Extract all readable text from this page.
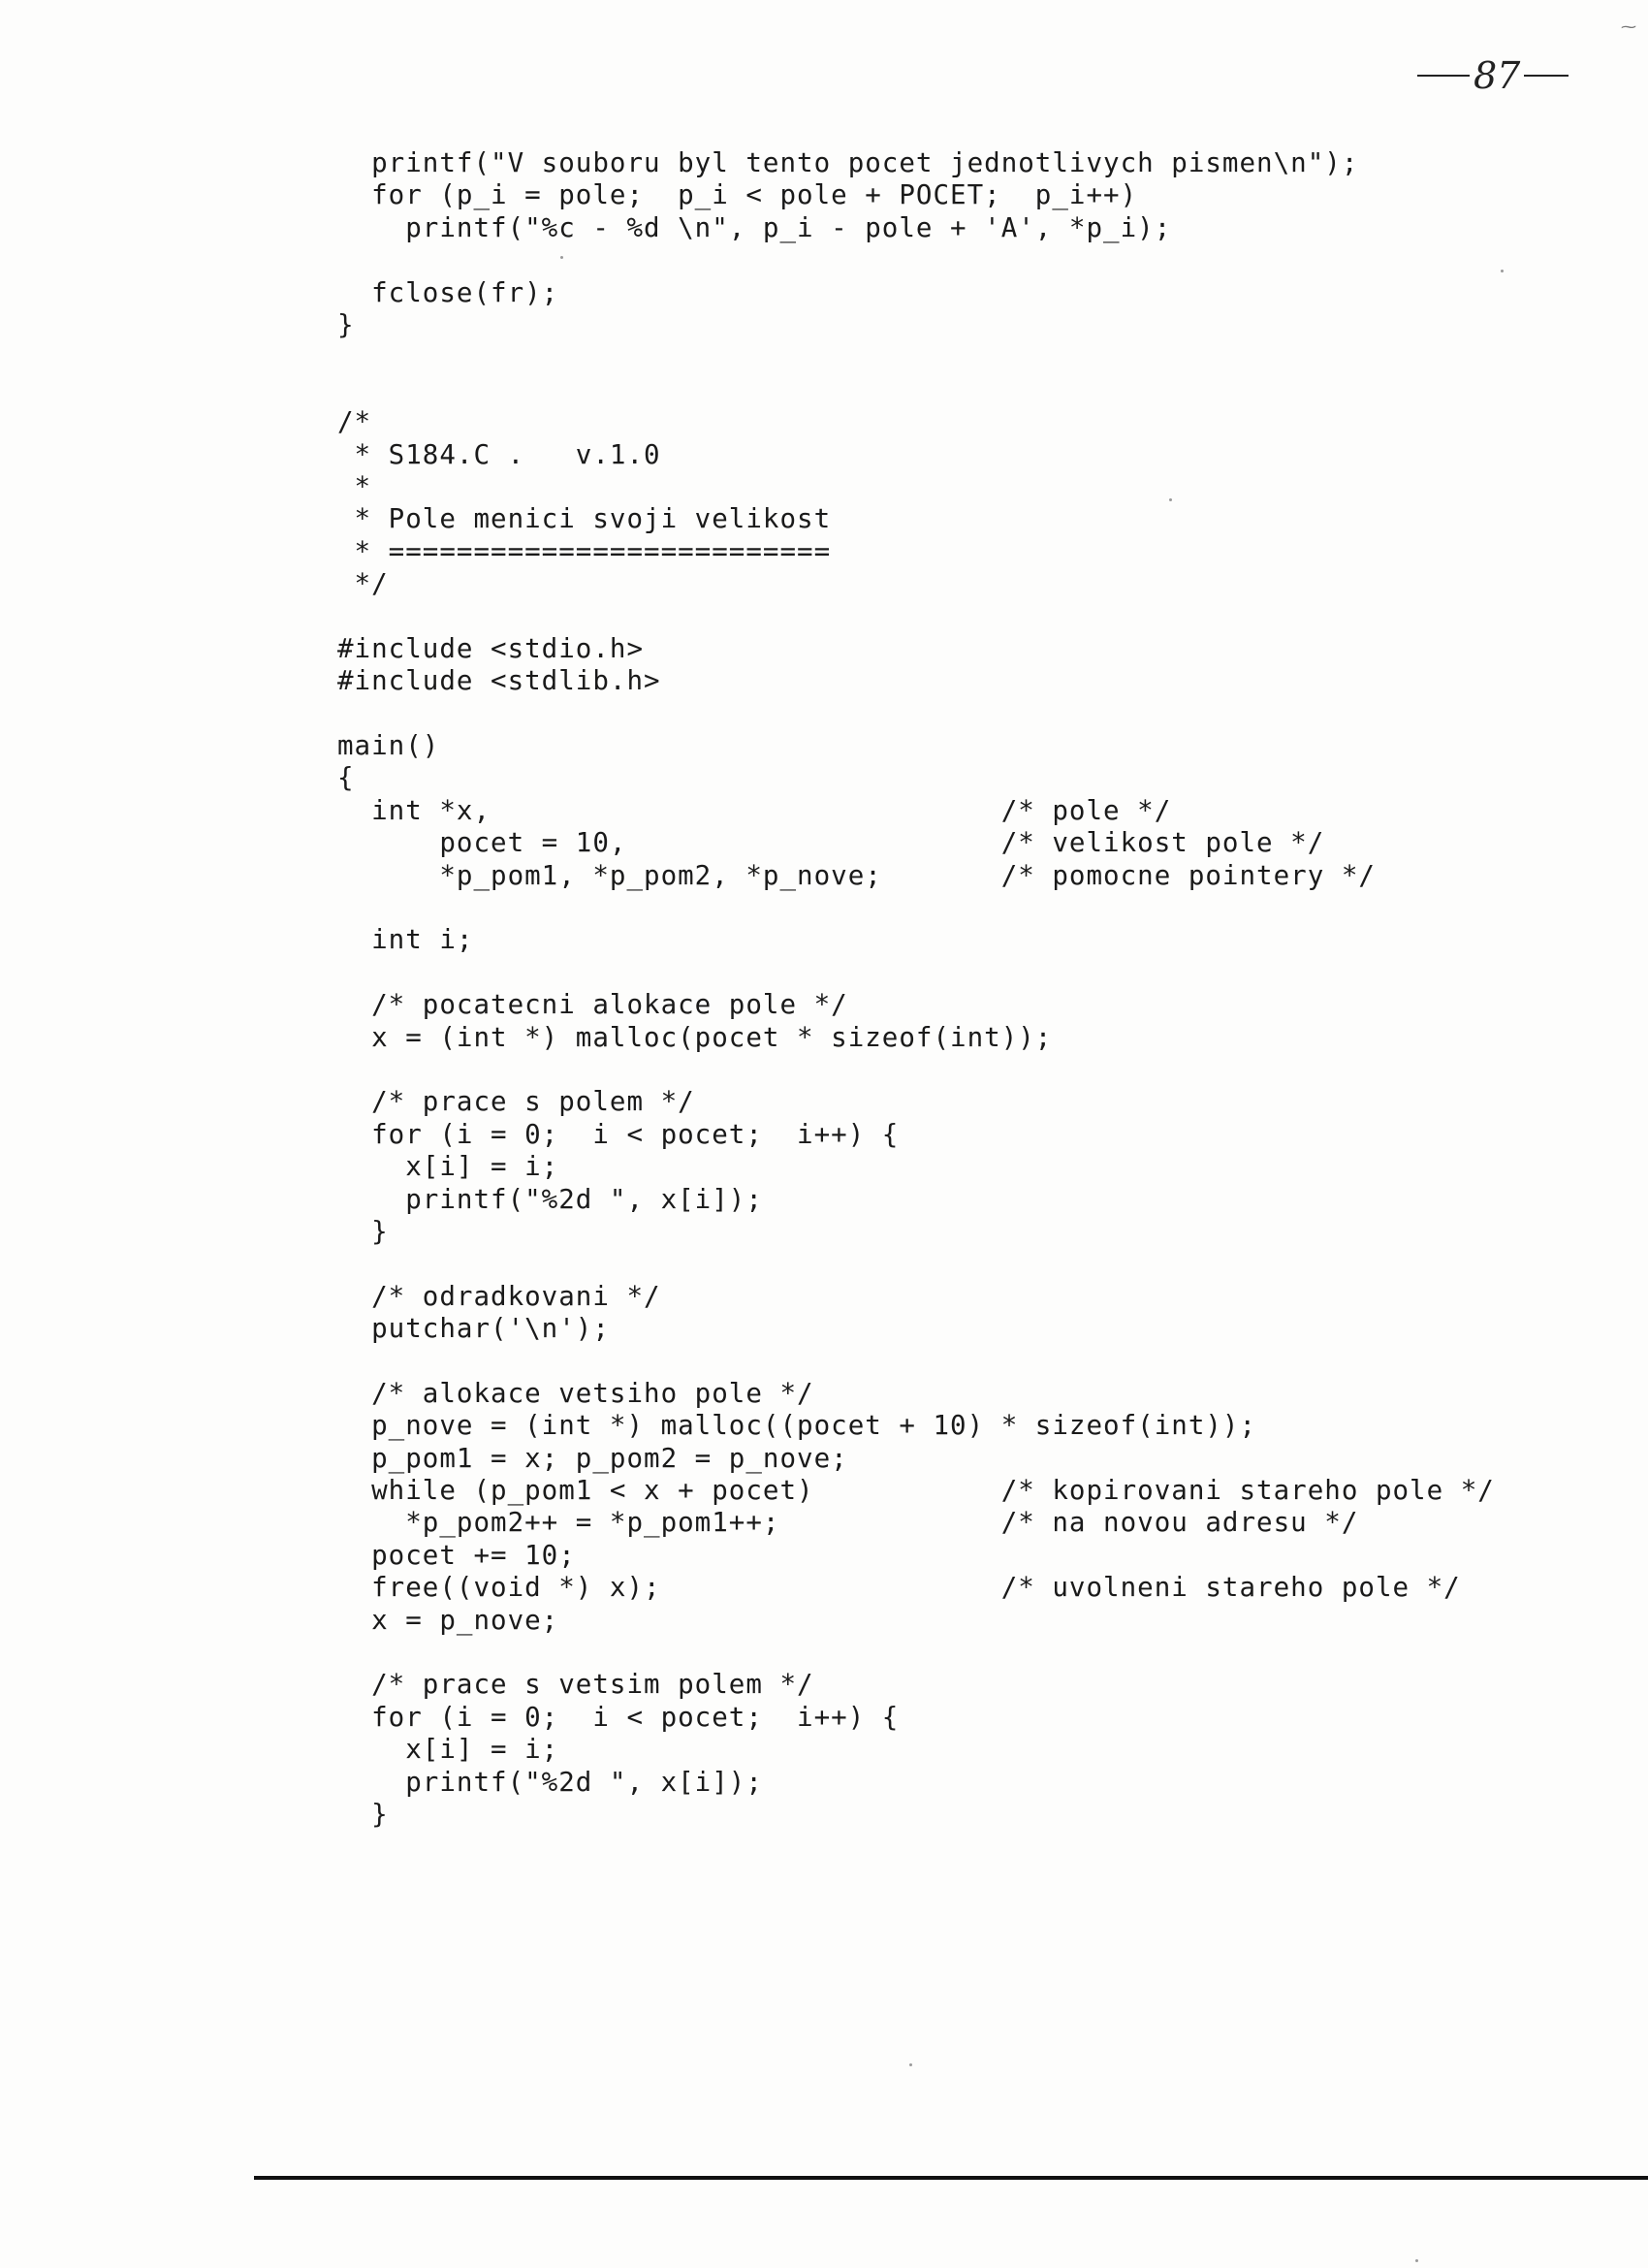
⁓
87
printf("V souboru byl tento pocet jednotlivych pismen\n");
for (p_i = pole;  p_i < pole + POCET;  p_i++)
printf("%c - %d \n", p_i - pole + 'A', *p_i);

fclose(fr);
}

/*
* S184.C .   v.1.0
*
* Pole menici svoji velikost
* ==========================
*/

#include <stdio.h>
#include <stdlib.h>

main()
{
int *x,                              /* pole */
pocet = 10,                      /* velikost pole */
*p_pom1, *p_pom2, *p_nove;       /* pomocne pointery */

int i;

/* pocatecni alokace pole */
x = (int *) malloc(pocet * sizeof(int));

/* prace s polem */
for (i = 0;  i < pocet;  i++) {
x[i] = i;
printf("%2d ", x[i]);
}

/* odradkovani */
putchar('\n');

/* alokace vetsiho pole */
p_nove = (int *) malloc((pocet + 10) * sizeof(int));
p_pom1 = x; p_pom2 = p_nove;
while (p_pom1 < x + pocet)           /* kopirovani stareho pole */
*p_pom2++ = *p_pom1++;             /* na novou adresu */
pocet += 10;
free((void *) x);                    /* uvolneni stareho pole */
x = p_nove;

/* prace s vetsim polem */
for (i = 0;  i < pocet;  i++) {
x[i] = i;
printf("%2d ", x[i]);
}
